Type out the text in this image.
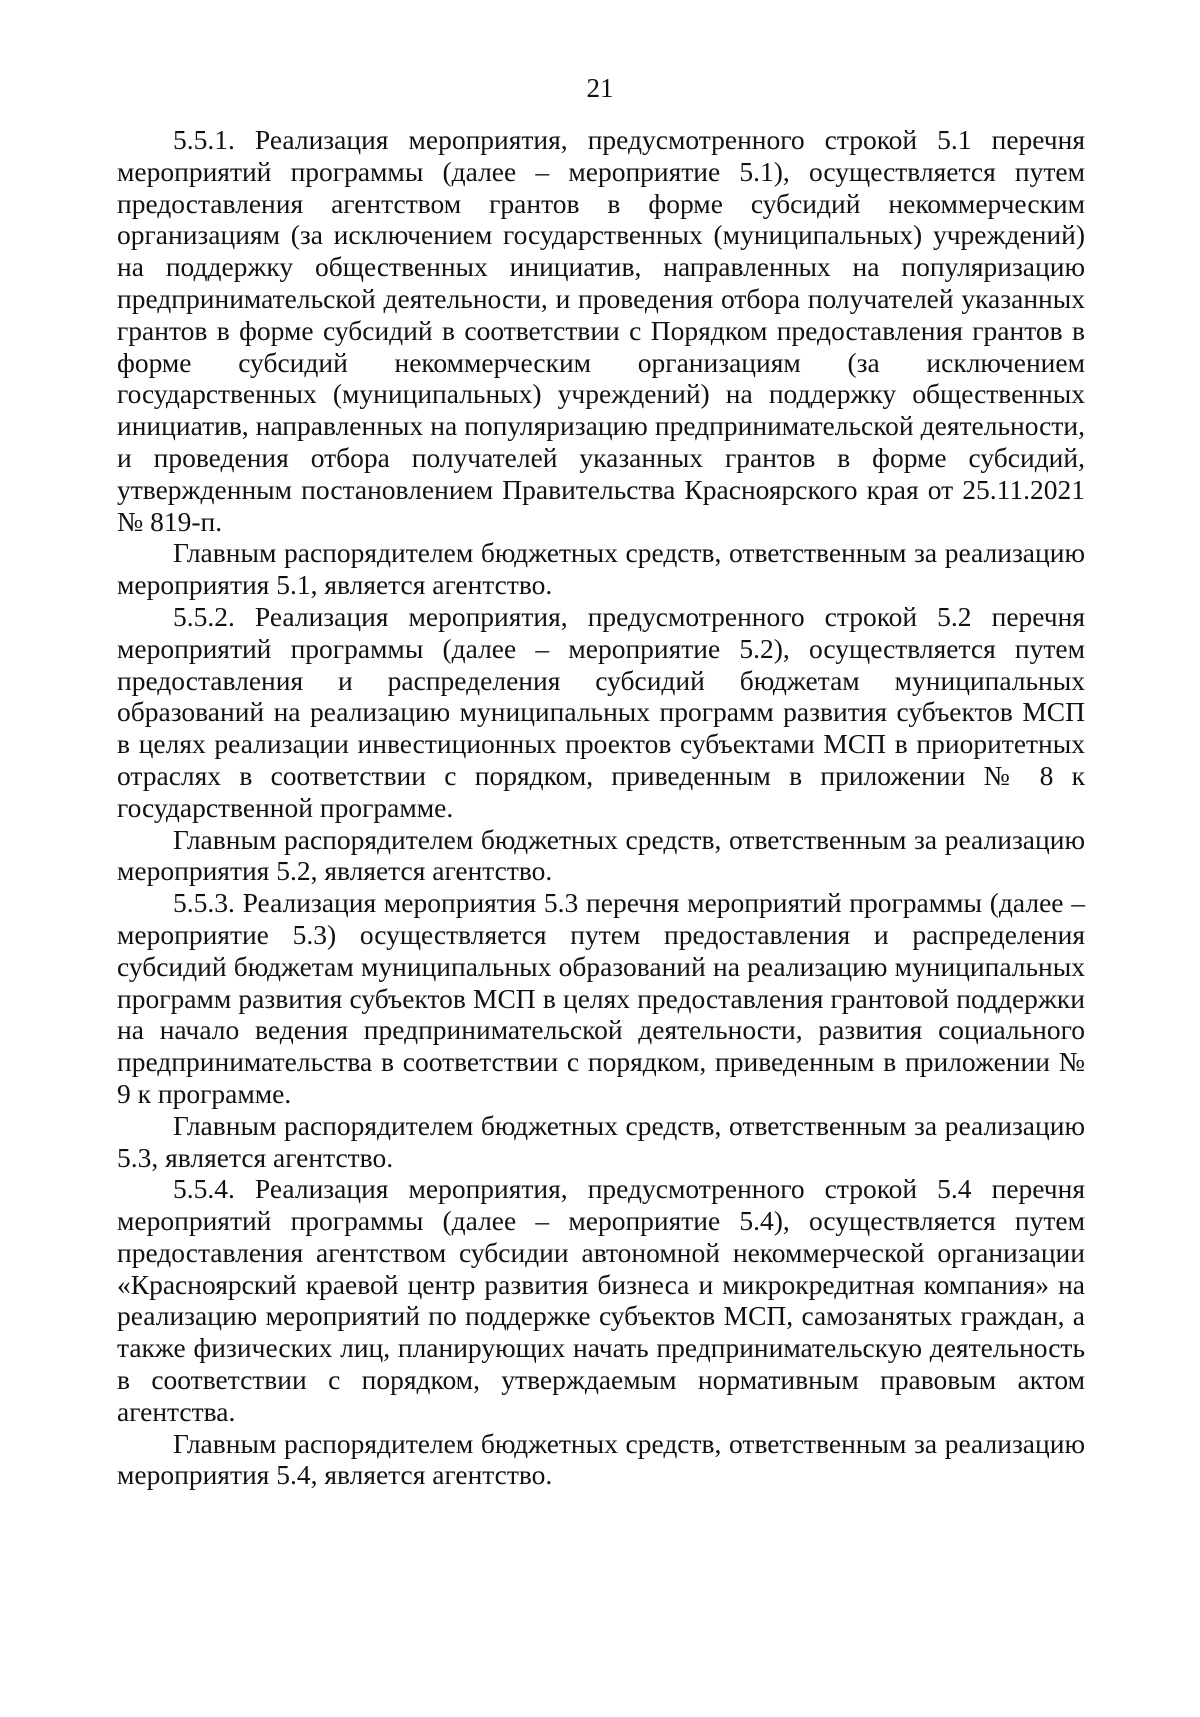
21

5.5.1. Реализация мероприятия, предусмотренного строкой 5.1 перечня мероприятий программы (далее – мероприятие 5.1), осуществляется путем предоставления агентством грантов в форме субсидий некоммерческим организациям (за исключением государственных (муниципальных) учреждений) на поддержку общественных инициатив, направленных на популяризацию предпринимательской деятельности, и проведения отбора получателей указанных грантов в форме субсидий в соответствии с Порядком предоставления грантов в форме субсидий некоммерческим организациям (за исключением государственных (муниципальных) учреждений) на поддержку общественных инициатив, направленных на популяризацию предпринимательской деятельности, и проведения отбора получателей указанных грантов в форме субсидий, утвержденным постановлением Правительства Красноярского края от 25.11.2021 № 819-п.

Главным распорядителем бюджетных средств, ответственным за реализацию мероприятия 5.1, является агентство.

5.5.2. Реализация мероприятия, предусмотренного строкой 5.2 перечня мероприятий программы (далее – мероприятие 5.2), осуществляется путем предоставления и распределения субсидий бюджетам муниципальных образований на реализацию муниципальных программ развития субъектов МСП в целях реализации инвестиционных проектов субъектами МСП в приоритетных отраслях в соответствии с порядком, приведенным в приложении № 8 к государственной программе.

Главным распорядителем бюджетных средств, ответственным за реализацию мероприятия 5.2, является агентство.

5.5.3. Реализация мероприятия 5.3 перечня мероприятий программы (далее – мероприятие 5.3) осуществляется путем предоставления и распределения субсидий бюджетам муниципальных образований на реализацию муниципальных программ развития субъектов МСП в целях предоставления грантовой поддержки на начало ведения предпринимательской деятельности, развития социального предпринимательства в соответствии с порядком, приведенным в приложении № 9 к программе.

Главным распорядителем бюджетных средств, ответственным за реализацию 5.3, является агентство.

5.5.4. Реализация мероприятия, предусмотренного строкой 5.4 перечня мероприятий программы (далее – мероприятие 5.4), осуществляется путем предоставления агентством субсидии автономной некоммерческой организации «Красноярский краевой центр развития бизнеса и микрокредитная компания» на реализацию мероприятий по поддержке субъектов МСП, самозанятых граждан, а также физических лиц, планирующих начать предпринимательскую деятельность в соответствии с порядком, утверждаемым нормативным правовым актом агентства.

Главным распорядителем бюджетных средств, ответственным за реализацию мероприятия 5.4, является агентство.
